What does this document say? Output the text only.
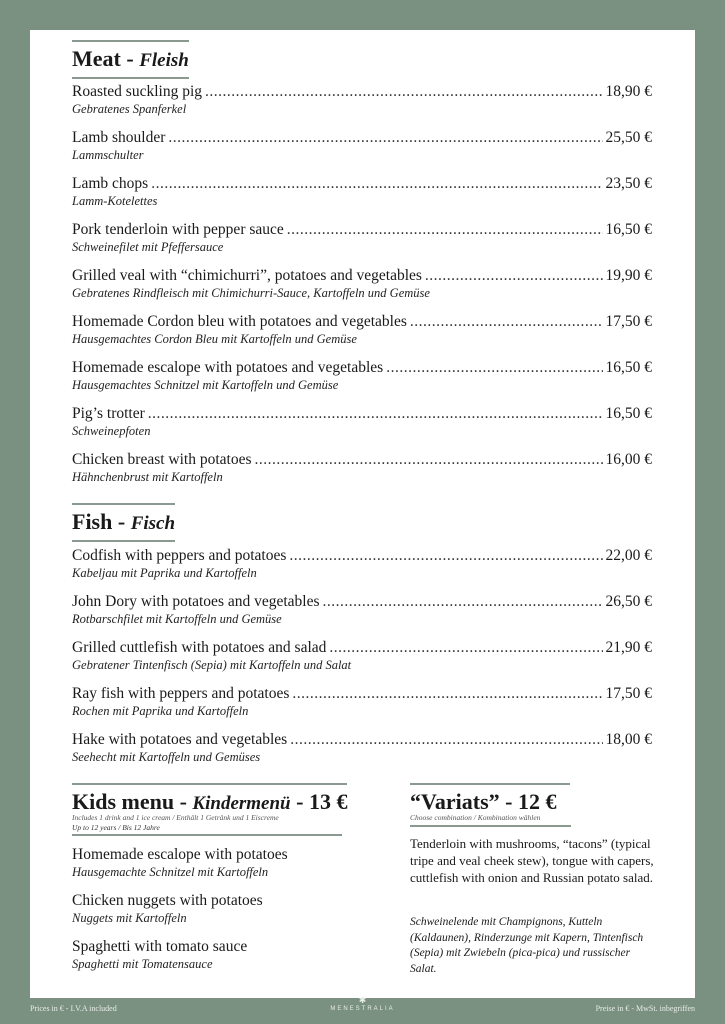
Meat - Fleish
Roasted suckling pig .....	18,90 €
Gebratenes Spanferkel
Lamb shoulder .....	25,50 €
Lammschulter
Lamb chops .....	23,50 €
Lamm-Kotelettes
Pork tenderloin with pepper sauce .....	16,50 €
Schweinefilet mit Pfeffersauce
Grilled veal with “chimichurri”, potatoes and vegetables .....	19,90 €
Gebratenes Rindfleisch mit Chimichurri-Sauce, Kartoffeln und Gemüse
Homemade Cordon bleu with potatoes and vegetables .....	17,50 €
Hausgemachtes Cordon Bleu mit Kartoffeln und Gemüse
Homemade escalope with potatoes and vegetables .....	16,50 €
Hausgemachtes Schnitzel mit Kartoffeln und Gemüse
Pig’s trotter .....	16,50 €
Schweinepfoten
Chicken breast with potatoes .....	16,00 €
Hähnchenbrust mit Kartoffeln
Fish - Fisch
Codfish with peppers and potatoes .....	22,00 €
Kabeljau mit Paprika und Kartoffeln
John Dory with potatoes and vegetables .....	26,50 €
Rotbarschfilet mit Kartoffeln und Gemüse
Grilled cuttlefish with potatoes and salad .....	21,90 €
Gebratener Tintenfisch (Sepia) mit Kartoffeln und Salat
Ray fish with peppers and potatoes .....	17,50 €
Rochen mit Paprika und Kartoffeln
Hake with potatoes and vegetables .....	18,00 €
Seehecht mit Kartoffeln und Gemüses
Kids menu - Kindermenü - 13 €
Includes 1 drink and 1 ice cream / Enthält 1 Getränk und 1 Eiscreme
Up to 12 years / Bis 12 Jahre
Homemade escalope with potatoes
Hausgemachte Schnitzel mit Kartoffeln
Chicken nuggets with potatoes
Nuggets mit Kartoffeln
Spaghetti with tomato sauce
Spaghetti mit Tomatensauce
“Variats” - 12 €
Choose combination / Kombination wählen
Tenderloin with mushrooms, “tacons” (typical tripe and veal cheek stew), tongue with capers, cuttlefish with onion and Russian potato salad.
Schweinelende mit Champignons, Kutteln (Kaldaunen), Rinderzunge mit Kapern, Tintenfisch (Sepia) mit Zwiebeln (pica-pica) und russischer Salat.
Prices in € - I.V.A included
✱
MENESTRALIA	Preise in € - MwSt. inbegriffen
